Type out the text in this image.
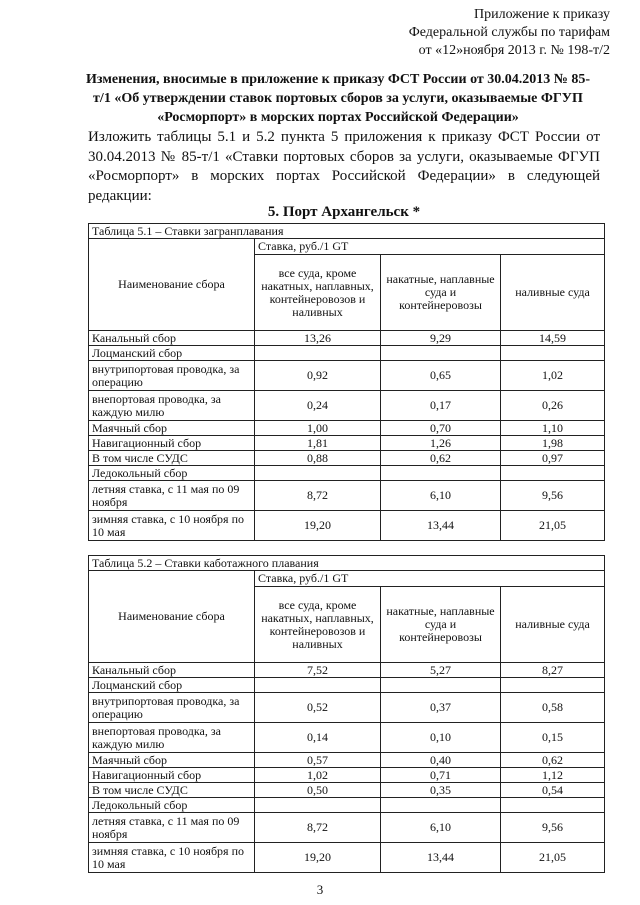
Приложение к приказу
Федеральной службы по тарифам
от «12»ноября 2013 г. № 198-т/2
Изменения, вносимые в приложение к приказу ФСТ России от 30.04.2013 № 85-т/1 «Об утверждении ставок портовых сборов за услуги, оказываемые ФГУП «Росморпорт» в морских портах Российской Федерации»
Изложить таблицы 5.1 и 5.2 пункта 5 приложения к приказу ФСТ России от 30.04.2013 № 85-т/1 «Ставки портовых сборов за услуги, оказываемые ФГУП «Росморпорт» в морских портах Российской Федерации» в следующей редакции:
5. Порт Архангельск *
Таблица 5.1 – Ставки загранплавания			
Наименование сбора	Ставка, руб./1 GT		
	все суда, кроме накатных, наплавных, контейнеровозов и наливных	накатные, наплавные суда и контейнеровозы	наливные суда
Канальный сбор	13,26	9,29	14,59
Лоцманский сбор			
внутрипортовая проводка, за операцию	0,92	0,65	1,02
внепортовая проводка, за каждую милю	0,24	0,17	0,26
Маячный сбор	1,00	0,70	1,10
Навигационный сбор	1,81	1,26	1,98
В том числе СУДС	0,88	0,62	0,97
Ледокольный сбор			
летняя ставка, с 11 мая по 09 ноября	8,72	6,10	9,56
зимняя ставка, с 10 ноября по 10 мая	19,20	13,44	21,05
Таблица 5.2 – Ставки каботажного плавания			
Наименование сбора	Ставка, руб./1 GT		
	все суда, кроме накатных, наплавных, контейнеровозов и наливных	накатные, наплавные суда и контейнеровозы	наливные суда
Канальный сбор	7,52	5,27	8,27
Лоцманский сбор			
внутрипортовая проводка, за операцию	0,52	0,37	0,58
внепортовая проводка, за каждую милю	0,14	0,10	0,15
Маячный сбор	0,57	0,40	0,62
Навигационный сбор	1,02	0,71	1,12
В том числе СУДС	0,50	0,35	0,54
Ледокольный сбор			
летняя ставка, с 11 мая по 09 ноября	8,72	6,10	9,56
зимняя ставка, с 10 ноября по 10 мая	19,20	13,44	21,05
3
